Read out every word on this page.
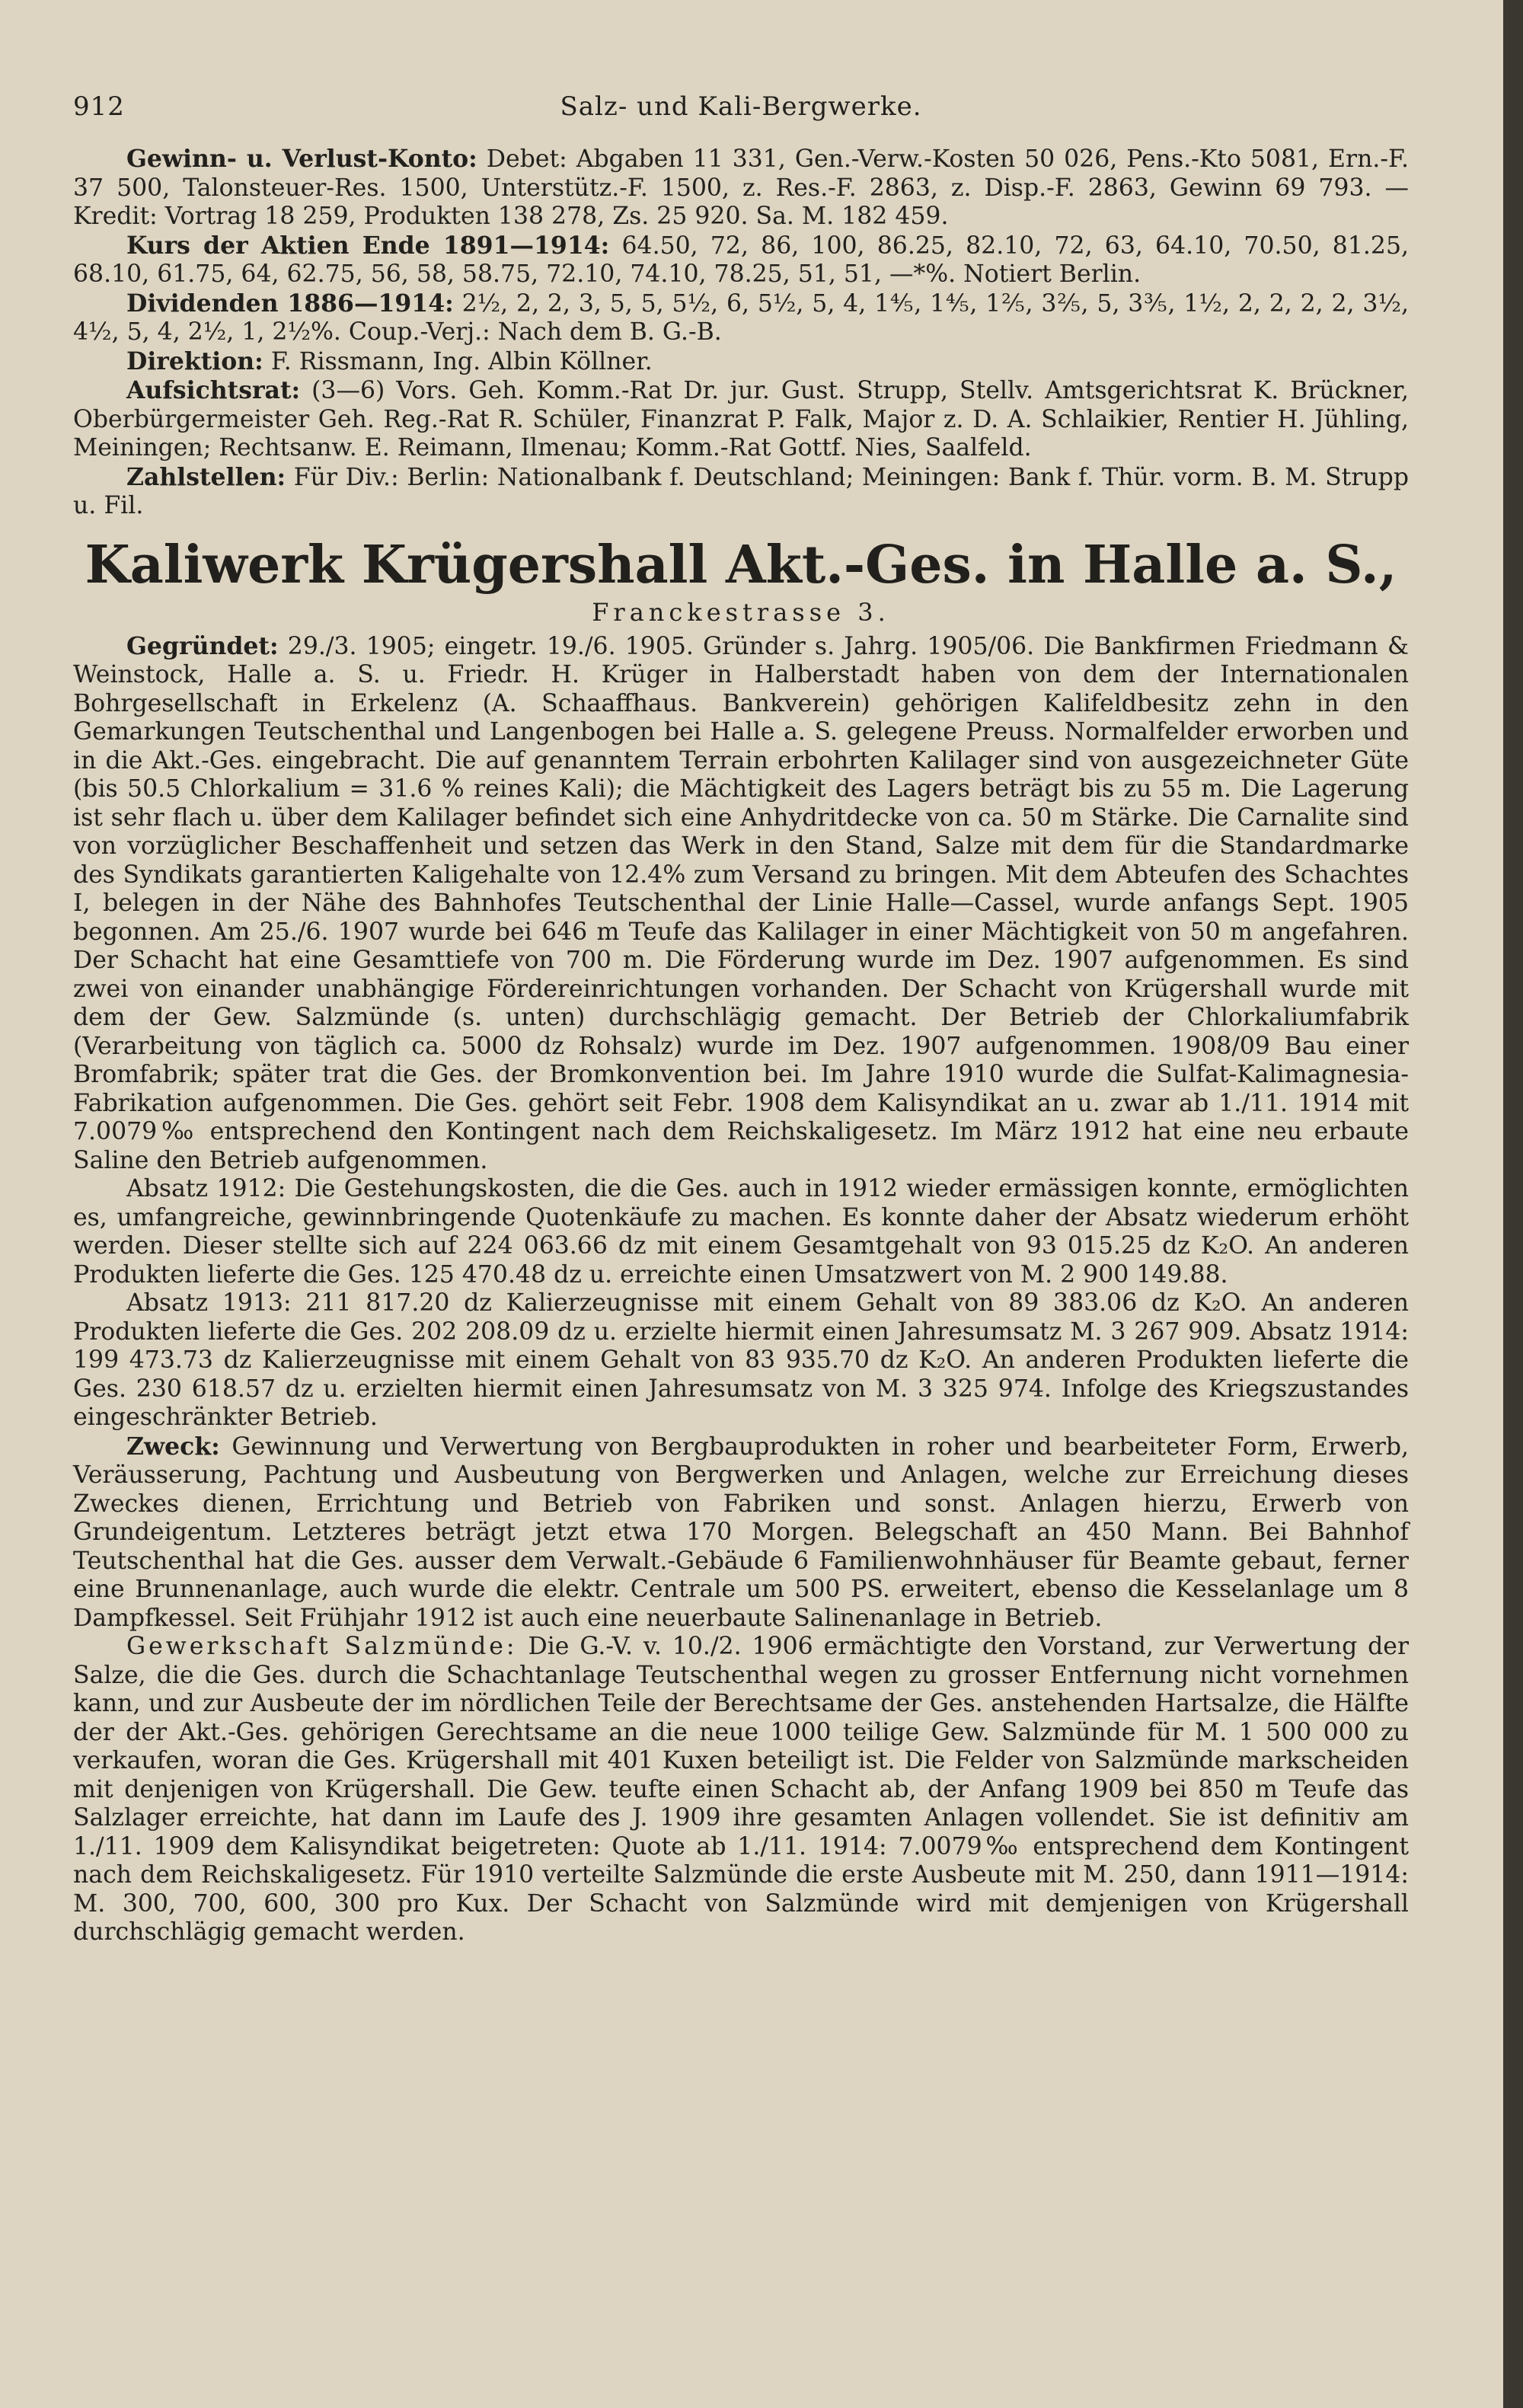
912	Salz- und Kali-Bergwerke.

Gewinn- u. Verlust-Konto: Debet: Abgaben 11 331, Gen.-Verw.-Kosten 50 026, Pens.-Kto 5081, Ern.-F. 37 500, Talonsteuer-Res. 1500, Unterstütz.-F. 1500, z. Res.-F. 2863, z. Disp.-F. 2863, Gewinn 69 793. — Kredit: Vortrag 18 259, Produkten 138 278, Zs. 25 920. Sa. M. 182 459.

Kurs der Aktien Ende 1891—1914: 64.50, 72, 86, 100, 86.25, 82.10, 72, 63, 64.10, 70.50, 81.25, 68.10, 61.75, 64, 62.75, 56, 58, 58.75, 72.10, 74.10, 78.25, 51, 51, —*%. Notiert Berlin.

Dividenden 1886—1914: 2½, 2, 2, 3, 5, 5, 5½, 6, 5½, 5, 4, 1⅘, 1⅘, 1⅖, 3⅖, 5, 3⅗, 1½, 2, 2, 2, 2, 3½, 4½, 5, 4, 2½, 1, 2½%. Coup.-Verj.: Nach dem B. G.-B.

Direktion: F. Rissmann, Ing. Albin Köllner.

Aufsichtsrat: (3—6) Vors. Geh. Komm.-Rat Dr. jur. Gust. Strupp, Stellv. Amtsgerichtsrat K. Brückner, Oberbürgermeister Geh. Reg.-Rat R. Schüler, Finanzrat P. Falk, Major z. D. A. Schlaikier, Rentier H. Jühling, Meiningen; Rechtsanw. E. Reimann, Ilmenau; Komm.-Rat Gottf. Nies, Saalfeld.

Zahlstellen: Für Div.: Berlin: Nationalbank f. Deutschland; Meiningen: Bank f. Thür. vorm. B. M. Strupp u. Fil.

Kaliwerk Krügershall Akt.-Ges. in Halle a. S.,
Franckestrasse 3.

Gegründet: 29./3. 1905; eingetr. 19./6. 1905. Gründer s. Jahrg. 1905/06. Die Bankfirmen Friedmann & Weinstock, Halle a. S. u. Friedr. H. Krüger in Halberstadt haben von dem der Internationalen Bohrgesellschaft in Erkelenz (A. Schaaffhaus. Bankverein) gehörigen Kalifeldbesitz zehn in den Gemarkungen Teutschenthal und Langenbogen bei Halle a. S. gelegene Preuss. Normalfelder erworben und in die Akt.-Ges. eingebracht. Die auf genanntem Terrain erbohrten Kalilager sind von ausgezeichneter Güte (bis 50.5 Chlorkalium = 31.6 % reines Kali); die Mächtigkeit des Lagers beträgt bis zu 55 m. Die Lagerung ist sehr flach u. über dem Kalilager befindet sich eine Anhydritdecke von ca. 50 m Stärke. Die Carnalite sind von vorzüglicher Beschaffenheit und setzen das Werk in den Stand, Salze mit dem für die Standardmarke des Syndikats garantierten Kaligehalte von 12.4% zum Versand zu bringen. Mit dem Abteufen des Schachtes I, belegen in der Nähe des Bahnhofes Teutschenthal der Linie Halle—Cassel, wurde anfangs Sept. 1905 begonnen. Am 25./6. 1907 wurde bei 646 m Teufe das Kalilager in einer Mächtigkeit von 50 m angefahren. Der Schacht hat eine Gesamttiefe von 700 m. Die Förderung wurde im Dez. 1907 aufgenommen. Es sind zwei von einander unabhängige Fördereinrichtungen vorhanden. Der Schacht von Krügershall wurde mit dem der Gew. Salzmünde (s. unten) durchschlägig gemacht. Der Betrieb der Chlorkaliumfabrik (Verarbeitung von täglich ca. 5000 dz Rohsalz) wurde im Dez. 1907 aufgenommen. 1908/09 Bau einer Bromfabrik; später trat die Ges. der Bromkonvention bei. Im Jahre 1910 wurde die Sulfat-Kalimagnesia-Fabrikation aufgenommen. Die Ges. gehört seit Febr. 1908 dem Kalisyndikat an u. zwar ab 1./11. 1914 mit 7.0079‰ entsprechend den Kontingent nach dem Reichskaligesetz. Im März 1912 hat eine neu erbaute Saline den Betrieb aufgenommen.

Absatz 1912: Die Gestehungskosten, die die Ges. auch in 1912 wieder ermässigen konnte, ermöglichten es, umfangreiche, gewinnbringende Quotenkäufe zu machen. Es konnte daher der Absatz wiederum erhöht werden. Dieser stellte sich auf 224 063.66 dz mit einem Gesamtgehalt von 93 015.25 dz K₂O. An anderen Produkten lieferte die Ges. 125 470.48 dz u. erreichte einen Umsatzwert von M. 2 900 149.88.

Absatz 1913: 211 817.20 dz Kalierzeugnisse mit einem Gehalt von 89 383.06 dz K₂O. An anderen Produkten lieferte die Ges. 202 208.09 dz u. erzielte hiermit einen Jahresumsatz M. 3 267 909. Absatz 1914: 199 473.73 dz Kalierzeugnisse mit einem Gehalt von 83 935.70 dz K₂O. An anderen Produkten lieferte die Ges. 230 618.57 dz u. erzielten hiermit einen Jahresumsatz von M. 3 325 974. Infolge des Kriegszustandes eingeschränkter Betrieb.

Zweck: Gewinnung und Verwertung von Bergbauprodukten in roher und bearbeiteter Form, Erwerb, Veräusserung, Pachtung und Ausbeutung von Bergwerken und Anlagen, welche zur Erreichung dieses Zweckes dienen, Errichtung und Betrieb von Fabriken und sonst. Anlagen hierzu, Erwerb von Grundeigentum. Letzteres beträgt jetzt etwa 170 Morgen. Belegschaft an 450 Mann. Bei Bahnhof Teutschenthal hat die Ges. ausser dem Verwalt.-Gebäude 6 Familienwohnhäuser für Beamte gebaut, ferner eine Brunnenanlage, auch wurde die elektr. Centrale um 500 PS. erweitert, ebenso die Kesselanlage um 8 Dampfkessel. Seit Frühjahr 1912 ist auch eine neuerbaute Salinenanlage in Betrieb.

Gewerkschaft Salzmünde: Die G.-V. v. 10./2. 1906 ermächtigte den Vorstand, zur Verwertung der Salze, die die Ges. durch die Schachtanlage Teutschenthal wegen zu grosser Entfernung nicht vornehmen kann, und zur Ausbeute der im nördlichen Teile der Berechtsame der Ges. anstehenden Hartsalze, die Hälfte der der Akt.-Ges. gehörigen Gerechtsame an die neue 1000 teilige Gew. Salzmünde für M. 1 500 000 zu verkaufen, woran die Ges. Krügershall mit 401 Kuxen beteiligt ist. Die Felder von Salzmünde markscheiden mit denjenigen von Krügershall. Die Gew. teufte einen Schacht ab, der Anfang 1909 bei 850 m Teufe das Salzlager erreichte, hat dann im Laufe des J. 1909 ihre gesamten Anlagen vollendet. Sie ist definitiv am 1./11. 1909 dem Kalisyndikat beigetreten: Quote ab 1./11. 1914: 7.0079‰ entsprechend dem Kontingent nach dem Reichskaligesetz. Für 1910 verteilte Salzmünde die erste Ausbeute mit M. 250, dann 1911—1914: M. 300, 700, 600, 300 pro Kux. Der Schacht von Salzmünde wird mit demjenigen von Krügershall durchschlägig gemacht werden.
